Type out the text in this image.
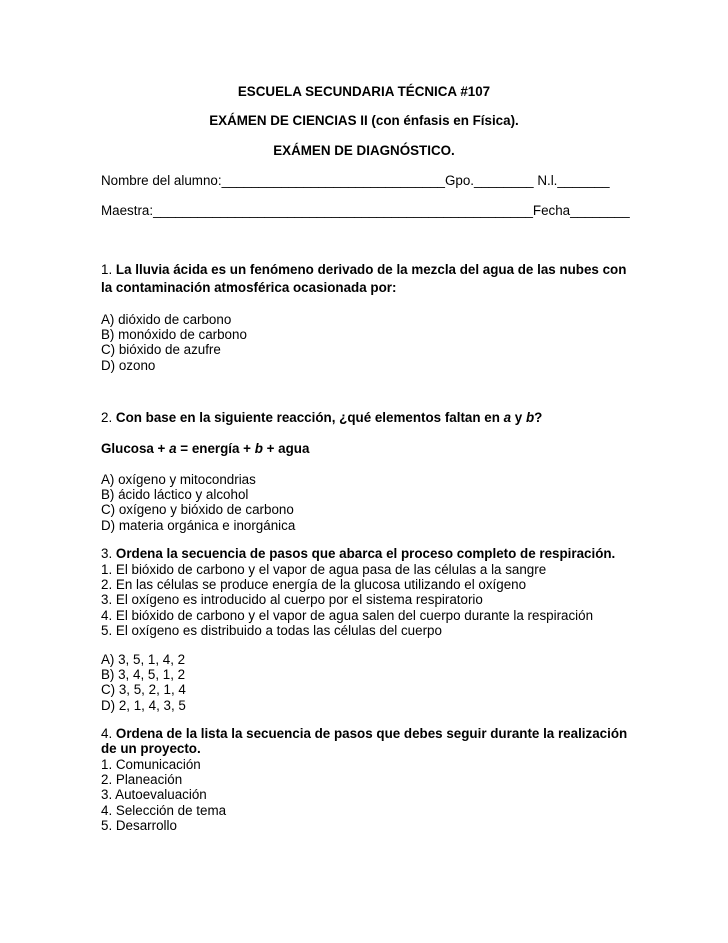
ESCUELA SECUNDARIA TÉCNICA #107
EXÁMEN DE CIENCIAS II (con énfasis en Física).
EXÁMEN DE DIAGNÓSTICO.
Nombre del alumno:______________________________Gpo.________ N.l._______
Maestra:___________________________________________________Fecha________
1. La lluvia ácida es un fenómeno derivado de la mezcla del agua de las nubes con
la contaminación atmosférica ocasionada por:
A) dióxido de carbono
B) monóxido de carbono
C) bióxido de azufre
D) ozono
2. Con base en la siguiente reacción, ¿qué elementos faltan en a y b?
Glucosa + a = energía + b + agua
A) oxígeno y mitocondrias
B) ácido láctico y alcohol
C) oxígeno y bióxido de carbono
D) materia orgánica e inorgánica
3. Ordena la secuencia de pasos que abarca el proceso completo de respiración.
1. El bióxido de carbono y el vapor de agua pasa de las células a la sangre
2. En las células se produce energía de la glucosa utilizando el oxígeno
3. El oxígeno es introducido al cuerpo por el sistema respiratorio
4. El bióxido de carbono y el vapor de agua salen del cuerpo durante la respiración
5. El oxígeno es distribuido a todas las células del cuerpo
A) 3, 5, 1, 4, 2
B) 3, 4, 5, 1, 2
C) 3, 5, 2, 1, 4
D) 2, 1, 4, 3, 5
4. Ordena de la lista la secuencia de pasos que debes seguir durante la realización
de un proyecto.
1. Comunicación
2. Planeación
3. Autoevaluación
4. Selección de tema
5. Desarrollo
